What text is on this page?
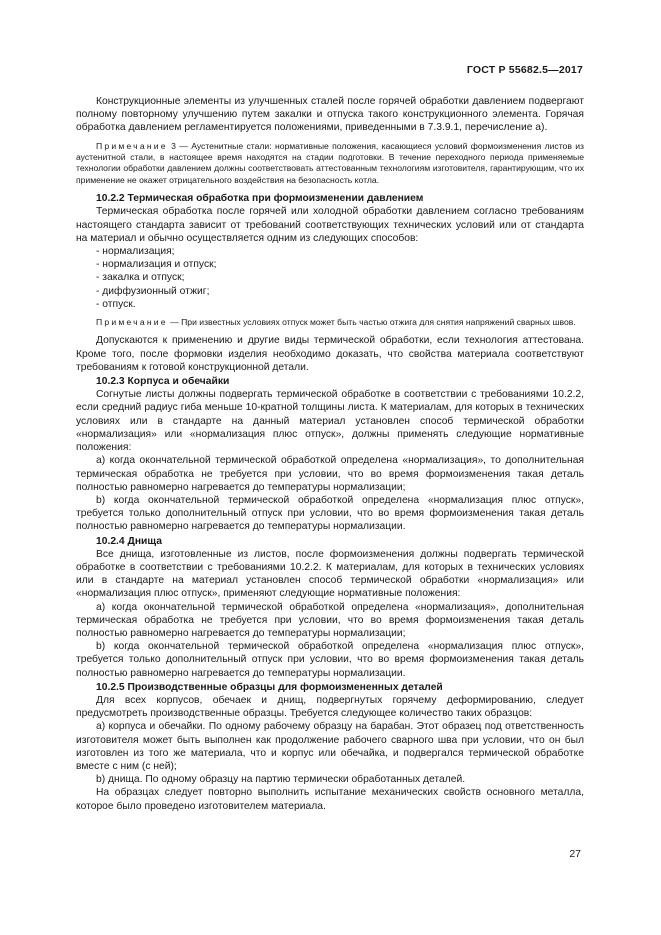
ГОСТ Р 55682.5—2017

Конструкционные элементы из улучшенных сталей после горячей обработки давлением подвергают полному повторному улучшению путем закалки и отпуска такого конструкционного элемента. Горячая обработка давлением регламентируется положениями, приведенными в 7.3.9.1, перечисление а).

Примечание 3 — Аустенитные стали: нормативные положения, касающиеся условий формоизменения листов из аустенитной стали, в настоящее время находятся на стадии подготовки. В течение переходного периода применяемые технологии обработки давлением должны соответствовать аттестованным технологиям изготовителя, гарантирующим, что их применение не окажет отрицательного воздействия на безопасность котла.

10.2.2 Термическая обработка при формоизменении давлением

Термическая обработка после горячей или холодной обработки давлением согласно требованиям настоящего стандарта зависит от требований соответствующих технических условий или от стандарта на материал и обычно осуществляется одним из следующих способов:

- нормализация;

- нормализация и отпуск;

- закалка и отпуск;

- диффузионный отжиг;

- отпуск.

Примечание — При известных условиях отпуск может быть частью отжига для снятия напряжений сварных швов.

Допускаются к применению и другие виды термической обработки, если технология аттестована. Кроме того, после формовки изделия необходимо доказать, что свойства материала соответствуют требованиям к готовой конструкционной детали.

10.2.3 Корпуса и обечайки

Согнутые листы должны подвергать термической обработке в соответствии с требованиями 10.2.2, если средний радиус гиба меньше 10-кратной толщины листа. К материалам, для которых в технических условиях или в стандарте на данный материал установлен способ термической обработки «нормализация» или «нормализация плюс отпуск», должны применять следующие нормативные положения:

а) когда окончательной термической обработкой определена «нормализация», то дополнительная термическая обработка не требуется при условии, что во время формоизменения такая деталь полностью равномерно нагревается до температуры нормализации;

b) когда окончательной термической обработкой определена «нормализация плюс отпуск», требуется только дополнительный отпуск при условии, что во время формоизменения такая деталь полностью равномерно нагревается до температуры нормализации.

10.2.4 Днища

Все днища, изготовленные из листов, после формоизменения должны подвергать термической обработке в соответствии с требованиями 10.2.2. К материалам, для которых в технических условиях или в стандарте на материал установлен способ термической обработки «нормализация» или «нормализация плюс отпуск», применяют следующие нормативные положения:

а) когда окончательной термической обработкой определена «нормализация», дополнительная термическая обработка не требуется при условии, что во время формоизменения такая деталь полностью равномерно нагревается до температуры нормализации;

b) когда окончательной термической обработкой определена «нормализация плюс отпуск», требуется только дополнительный отпуск при условии, что во время формоизменения такая деталь полностью равномерно нагревается до температуры нормализации.

10.2.5 Производственные образцы для формоизмененных деталей

Для всех корпусов, обечаек и днищ, подвергнутых горячему деформированию, следует предусмотреть производственные образцы. Требуется следующее количество таких образцов:

а) корпуса и обечайки. По одному рабочему образцу на барабан. Этот образец под ответственность изготовителя может быть выполнен как продолжение рабочего сварного шва при условии, что он был изготовлен из того же материала, что и корпус или обечайка, и подвергался термической обработке вместе с ним (с ней);

b) днища. По одному образцу на партию термически обработанных деталей.

На образцах следует повторно выполнить испытание механических свойств основного металла, которое было проведено изготовителем материала.

27
